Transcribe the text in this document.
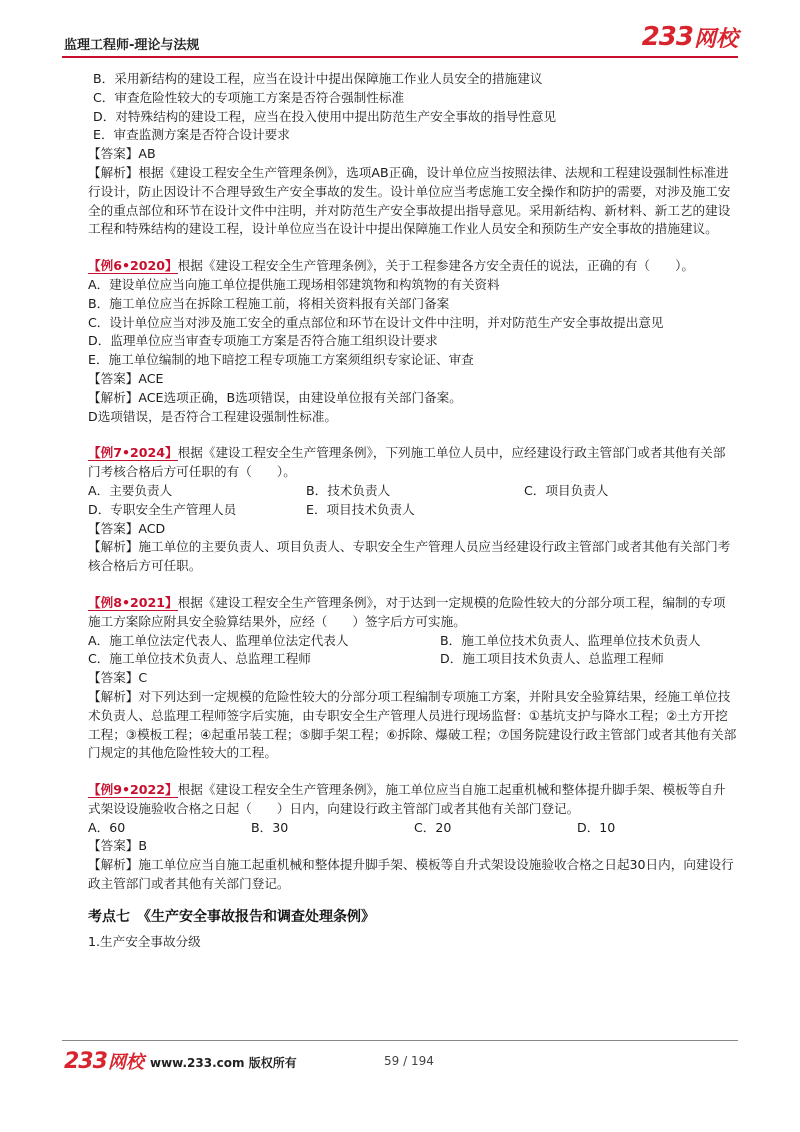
监理工程师-理论与法规	233 网校
B．采用新结构的建设工程，应当在设计中提出保障施工作业人员安全的措施建议
C．审查危险性较大的专项施工方案是否符合强制性标准
D．对特殊结构的建设工程，应当在投入使用中提出防范生产安全事故的指导性意见
E．审查监测方案是否符合设计要求
【答案】AB
【解析】根据《建设工程安全生产管理条例》，选项AB正确，设计单位应当按照法律、法规和工程建设强制性标准进行设计，防止因设计不合理导致生产安全事故的发生。设计单位应当考虑施工安全操作和防护的需要，对涉及施工安全的重点部位和环节在设计文件中注明，并对防范生产安全事故提出指导意见。采用新结构、新材料、新工艺的建设工程和特殊结构的建设工程，设计单位应当在设计中提出保障施工作业人员安全和预防生产安全事故的措施建议。
【例6•2020】根据《建设工程安全生产管理条例》，关于工程参建各方安全责任的说法，正确的有（　　）。
A．建设单位应当向施工单位提供施工现场相邻建筑物和构筑物的有关资料
B．施工单位应当在拆除工程施工前，将相关资料报有关部门备案
C．设计单位应当对涉及施工安全的重点部位和环节在设计文件中注明，并对防范生产安全事故提出意见
D．监理单位应当审查专项施工方案是否符合施工组织设计要求
E．施工单位编制的地下暗挖工程专项施工方案须组织专家论证、审查
【答案】ACE
【解析】ACE选项正确，B选项错误，由建设单位报有关部门备案。
D选项错误，是否符合工程建设强制性标准。
【例7•2024】根据《建设工程安全生产管理条例》，下列施工单位人员中，应经建设行政主管部门或者其他有关部门考核合格后方可任职的有（　　）。
A．主要负责人	B．技术负责人	C．项目负责人
D．专职安全生产管理人员	E．项目技术负责人
【答案】ACD
【解析】施工单位的主要负责人、项目负责人、专职安全生产管理人员应当经建设行政主管部门或者其他有关部门考核合格后方可任职。
【例8•2021】根据《建设工程安全生产管理条例》，对于达到一定规模的危险性较大的分部分项工程，编制的专项施工方案除应附具安全验算结果外，应经（　　）签字后方可实施。
A．施工单位法定代表人、监理单位法定代表人	B．施工单位技术负责人、监理单位技术负责人
C．施工单位技术负责人、总监理工程师	D．施工项目技术负责人、总监理工程师
【答案】C
【解析】对下列达到一定规模的危险性较大的分部分项工程编制专项施工方案，并附具安全验算结果，经施工单位技术负责人、总监理工程师签字后实施，由专职安全生产管理人员进行现场监督：①基坑支护与降水工程；②土方开挖工程；③模板工程；④起重吊装工程；⑤脚手架工程；⑥拆除、爆破工程；⑦国务院建设行政主管部门或者其他有关部门规定的其他危险性较大的工程。
【例9•2022】根据《建设工程安全生产管理条例》，施工单位应当自施工起重机械和整体提升脚手架、模板等自升式架设设施验收合格之日起（　　）日内，向建设行政主管部门或者其他有关部门登记。
A．60	B．30	C．20	D．10
【答案】B
【解析】施工单位应当自施工起重机械和整体提升脚手架、模板等自升式架设设施验收合格之日起30日内，向建设行政主管部门或者其他有关部门登记。
考点七　《生产安全事故报告和调查处理条例》
1.生产安全事故分级
233 网校 www.233.com 版权所有	59 / 194
